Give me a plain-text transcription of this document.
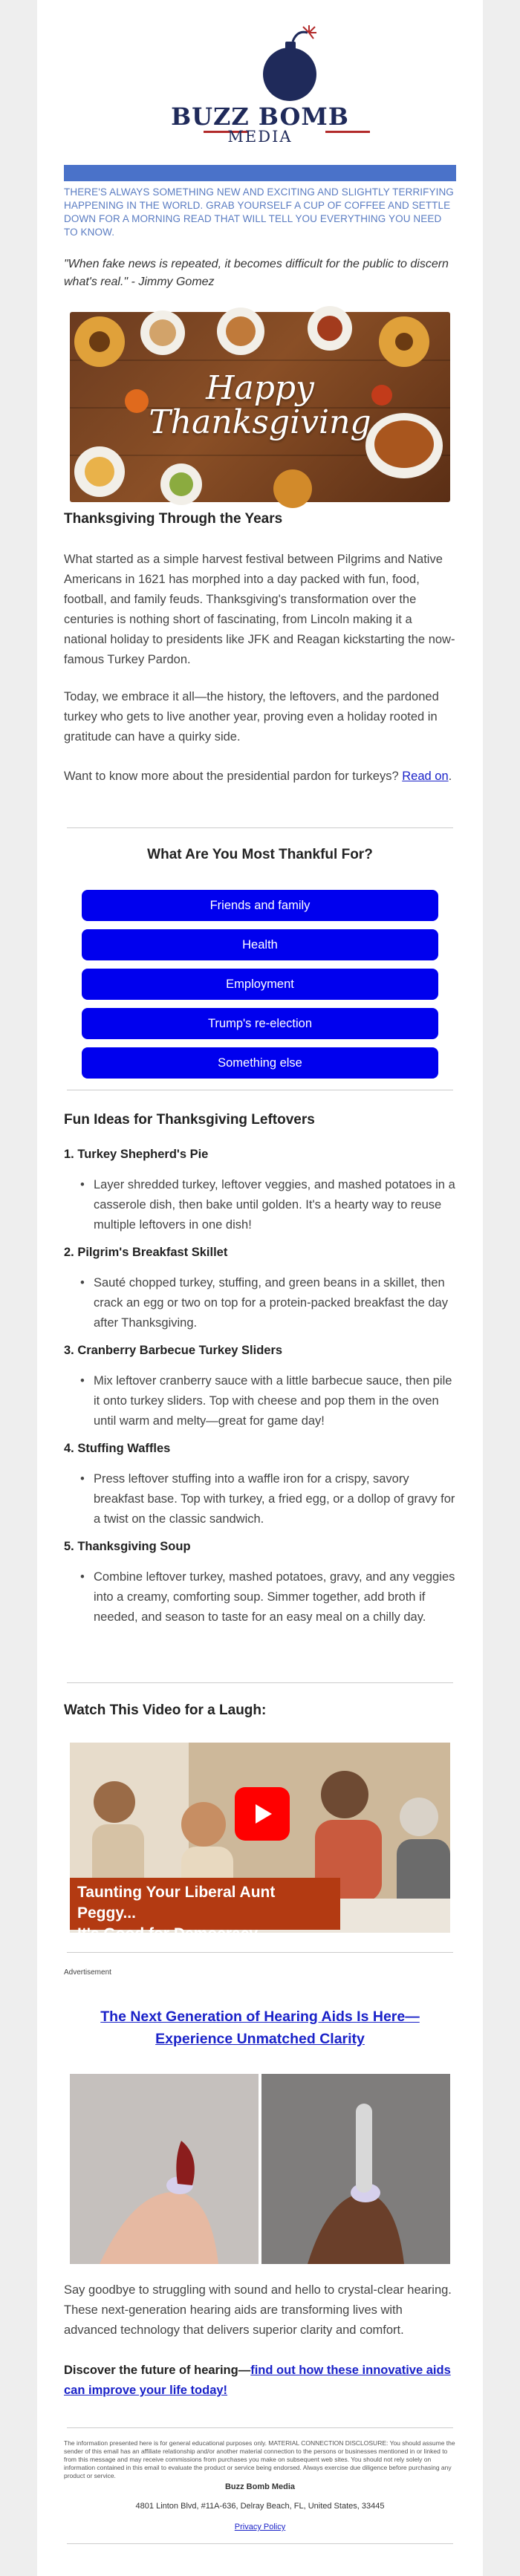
BUZZ BOMB
MEDIA
THERE'S ALWAYS SOMETHING NEW AND EXCITING AND SLIGHTLY TERRIFYING HAPPENING IN THE WORLD. GRAB YOURSELF A CUP OF COFFEE AND SETTLE DOWN FOR A MORNING READ THAT WILL TELL YOU EVERYTHING YOU NEED TO KNOW.
"When fake news is repeated, it becomes difficult for the public to discern what's real." - Jimmy Gomez
Happy
Thanksgiving
Thanksgiving Through the Years

What started as a simple harvest festival between Pilgrims and Native Americans in 1621 has morphed into a day packed with fun, food, football, and family feuds. Thanksgiving's transformation over the centuries is nothing short of fascinating, from Lincoln making it a national holiday to presidents like JFK and Reagan kickstarting the now-famous Turkey Pardon.

Today, we embrace it all—the history, the leftovers, and the pardoned turkey who gets to live another year, proving even a holiday rooted in gratitude can have a quirky side.

Want to know more about the presidential pardon for turkeys? Read on.

What Are You Most Thankful For?
Friends and family
Health
Employment
Trump's re-election
Something else
Fun Ideas for Thanksgiving Leftovers
1. Turkey Shepherd's Pie
• Layer shredded turkey, leftover veggies, and mashed potatoes in a casserole dish, then bake until golden. It's a hearty way to reuse multiple leftovers in one dish!
2. Pilgrim's Breakfast Skillet
• Sauté chopped turkey, stuffing, and green beans in a skillet, then crack an egg or two on top for a protein-packed breakfast the day after Thanksgiving.
3. Cranberry Barbecue Turkey Sliders
• Mix leftover cranberry sauce with a little barbecue sauce, then pile it onto turkey sliders. Top with cheese and pop them in the oven until warm and melty—great for game day!
4. Stuffing Waffles
• Press leftover stuffing into a waffle iron for a crispy, savory breakfast base. Top with turkey, a fried egg, or a dollop of gravy for a twist on the classic sandwich.
5. Thanksgiving Soup
• Combine leftover turkey, mashed potatoes, gravy, and any veggies into a creamy, comforting soup. Simmer together, add broth if needed, and season to taste for an easy meal on a chilly day.
Watch This Video for a Laugh:
Taunting Your Liberal Aunt Peggy...
It's Good for Democracy
Advertisement
The Next Generation of Hearing Aids Is Here—Experience Unmatched Clarity

Say goodbye to struggling with sound and hello to crystal-clear hearing. These next-generation hearing aids are transforming lives with advanced technology that delivers superior clarity and comfort.

Discover the future of hearing—find out how these innovative aids can improve your life today!

The information presented here is for general educational purposes only. MATERIAL CONNECTION DISCLOSURE: You should assume the sender of this email has an affiliate relationship and/or another material connection to the persons or businesses mentioned in or linked to from this message and may receive commissions from purchases you make on subsequent web sites. You should not rely solely on information contained in this email to evaluate the product or service being endorsed. Always exercise due diligence before purchasing any product or service.
Buzz Bomb Media
4801 Linton Blvd, #11A-636, Delray Beach, FL, United States, 33445
Privacy Policy
